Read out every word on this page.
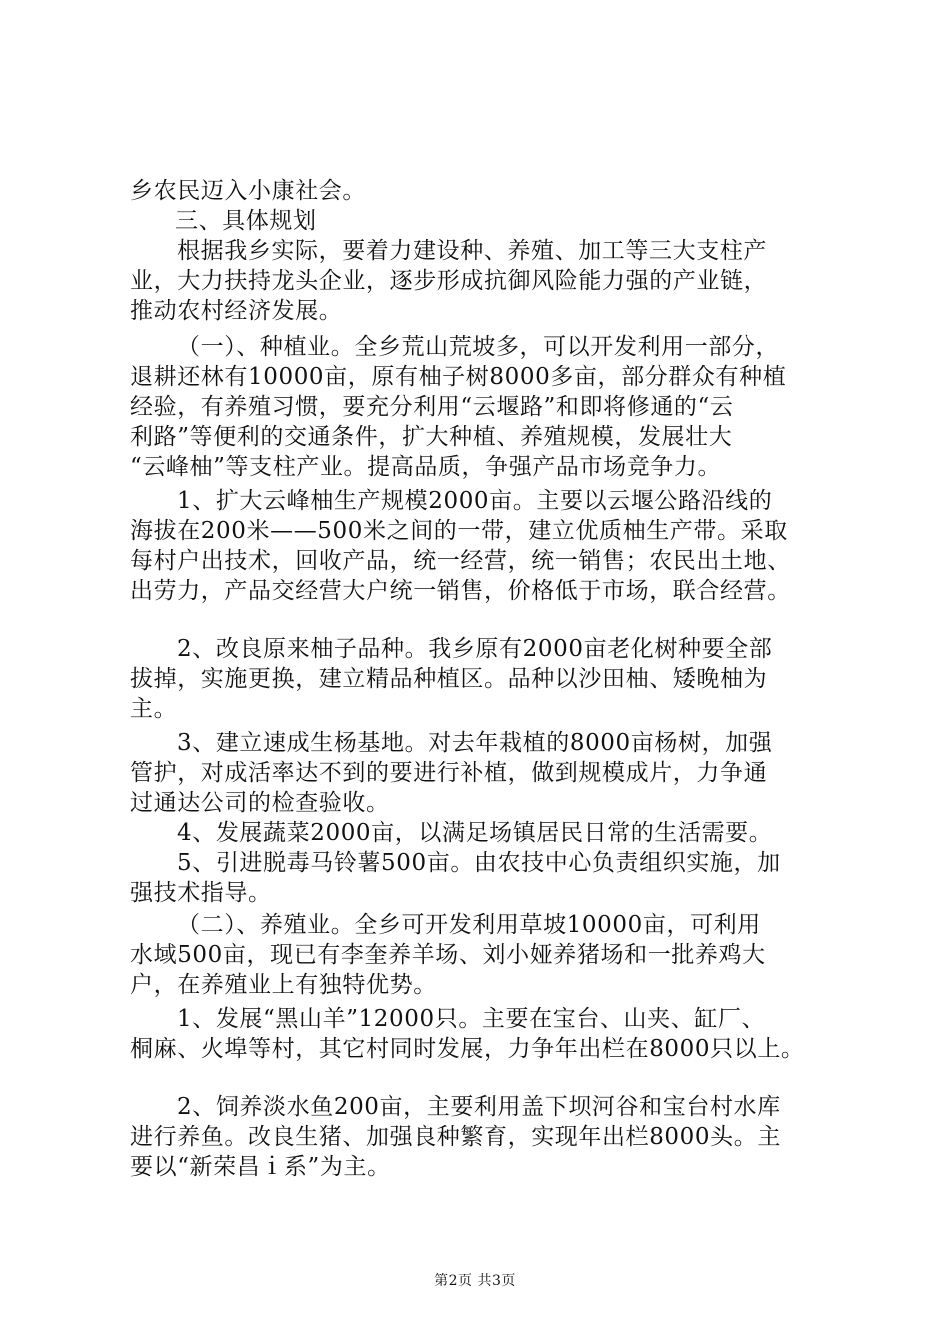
乡农民迈入小康社会。
三、具体规划
根据我乡实际，要着力建设种、养殖、加工等三大支柱产
业，大力扶持龙头企业，逐步形成抗御风险能力强的产业链，
推动农村经济发展。
（一）、种植业。全乡荒山荒坡多，可以开发利用一部分，
退耕还林有10000亩，原有柚子树8000多亩，部分群众有种植
经验，有养殖习惯，要充分利用“云堰路”和即将修通的“云
利路”等便利的交通条件，扩大种植、养殖规模，发展壮大
“云峰柚”等支柱产业。提高品质，争强产品市场竞争力。
1、扩大云峰柚生产规模2000亩。主要以云堰公路沿线的
海拔在200米——500米之间的一带，建立优质柚生产带。采取
每村户出技术，回收产品，统一经营，统一销售；农民出土地、
出劳力，产品交经营大户统一销售，价格低于市场，联合经营。
2、改良原来柚子品种。我乡原有2000亩老化树种要全部
拔掉，实施更换，建立精品种植区。品种以沙田柚、矮晚柚为
主。
3、建立速成生杨基地。对去年栽植的8000亩杨树，加强
管护，对成活率达不到的要进行补植，做到规模成片，力争通
过通达公司的检查验收。
4、发展蔬菜2000亩，以满足场镇居民日常的生活需要。
5、引进脱毒马铃薯500亩。由农技中心负责组织实施，加
强技术指导。
（二）、养殖业。全乡可开发利用草坡10000亩，可利用
水域500亩，现已有李奎养羊场、刘小娅养猪场和一批养鸡大
户，在养殖业上有独特优势。
1、发展“黑山羊”12000只。主要在宝台、山夹、缸厂、
桐麻、火埠等村，其它村同时发展，力争年出栏在8000只以上。
2、饲养淡水鱼200亩，主要利用盖下坝河谷和宝台村水库
进行养鱼。改良生猪、加强良种繁育，实现年出栏8000头。主
要以“新荣昌ｉ系”为主。
第2页 共3页
